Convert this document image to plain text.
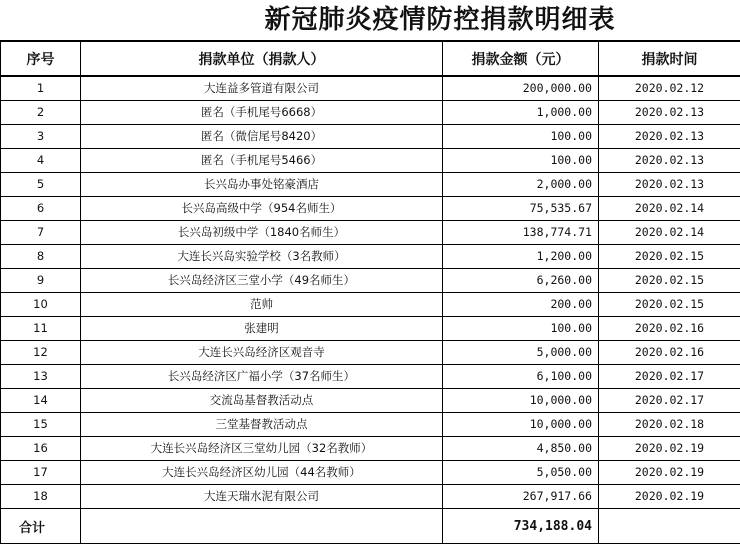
新冠肺炎疫情防控捐款明细表
序号	捐款单位（捐款人）	捐款金额（元）	捐款时间
1	大连益多管道有限公司	200,000.00	2020.02.12
2	匿名（手机尾号6668）	1,000.00	2020.02.13
3	匿名（微信尾号8420）	100.00	2020.02.13
4	匿名（手机尾号5466）	100.00	2020.02.13
5	长兴岛办事处铭豪酒店	2,000.00	2020.02.13
6	长兴岛高级中学（954名师生）	75,535.67	2020.02.14
7	长兴岛初级中学（1840名师生）	138,774.71	2020.02.14
8	大连长兴岛实验学校（3名教师）	1,200.00	2020.02.15
9	长兴岛经济区三堂小学（49名师生）	6,260.00	2020.02.15
10	范帅	200.00	2020.02.15
11	张建明	100.00	2020.02.16
12	大连长兴岛经济区观音寺	5,000.00	2020.02.16
13	长兴岛经济区广福小学（37名师生）	6,100.00	2020.02.17
14	交流岛基督教活动点	10,000.00	2020.02.17
15	三堂基督教活动点	10,000.00	2020.02.18
16	大连长兴岛经济区三堂幼儿园（32名教师）	4,850.00	2020.02.19
17	大连长兴岛经济区幼儿园（44名教师）	5,050.00	2020.02.19
18	大连天瑞水泥有限公司	267,917.66	2020.02.19
合计		734,188.04	
